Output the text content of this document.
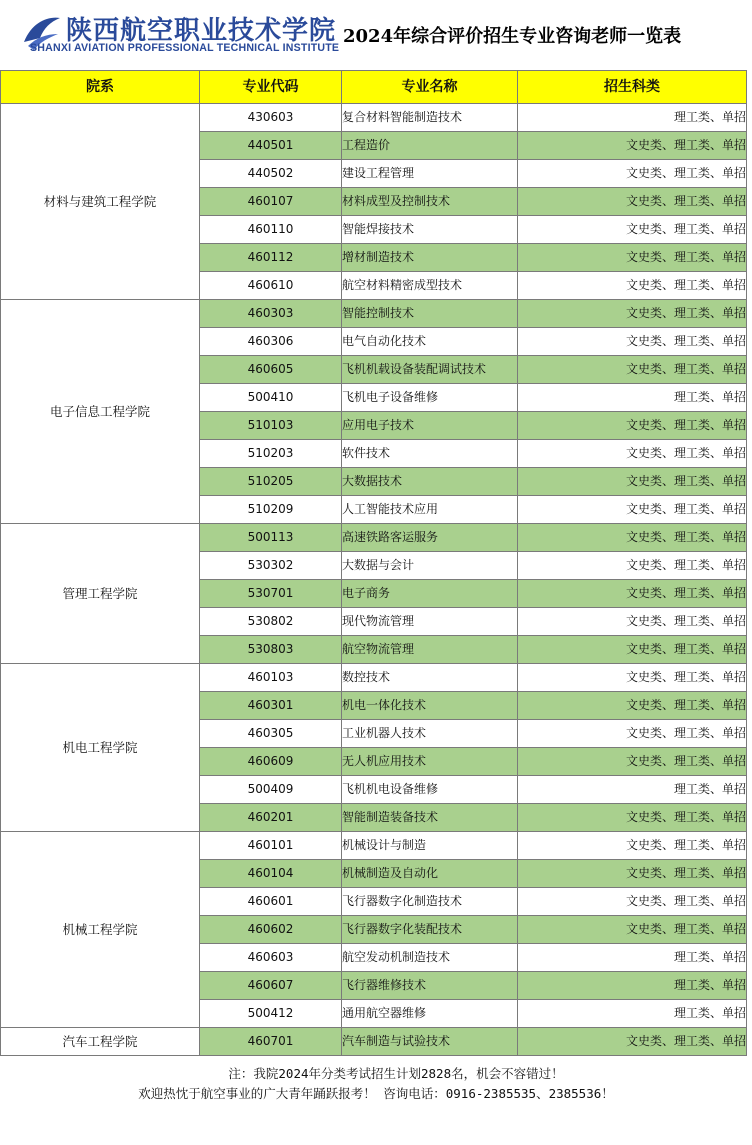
陕西航空职业技术学院
SHANXI AVIATION PROFESSIONAL TECHNICAL INSTITUTE
2024年综合评价招生专业咨询老师一览表
院系	专业代码	专业名称	招生科类
材料与建筑工程学院	430603	复合材料智能制造技术	理工类、单招
	440501	工程造价	文史类、理工类、单招
	440502	建设工程管理	文史类、理工类、单招
	460107	材料成型及控制技术	文史类、理工类、单招
	460110	智能焊接技术	文史类、理工类、单招
	460112	增材制造技术	文史类、理工类、单招
	460610	航空材料精密成型技术	文史类、理工类、单招
电子信息工程学院	460303	智能控制技术	文史类、理工类、单招
	460306	电气自动化技术	文史类、理工类、单招
	460605	飞机机载设备装配调试技术	文史类、理工类、单招
	500410	飞机电子设备维修	理工类、单招
	510103	应用电子技术	文史类、理工类、单招
	510203	软件技术	文史类、理工类、单招
	510205	大数据技术	文史类、理工类、单招
	510209	人工智能技术应用	文史类、理工类、单招
管理工程学院	500113	高速铁路客运服务	文史类、理工类、单招
	530302	大数据与会计	文史类、理工类、单招
	530701	电子商务	文史类、理工类、单招
	530802	现代物流管理	文史类、理工类、单招
	530803	航空物流管理	文史类、理工类、单招
机电工程学院	460103	数控技术	文史类、理工类、单招
	460301	机电一体化技术	文史类、理工类、单招
	460305	工业机器人技术	文史类、理工类、单招
	460609	无人机应用技术	文史类、理工类、单招
	500409	飞机机电设备维修	理工类、单招
	460201	智能制造装备技术	文史类、理工类、单招
机械工程学院	460101	机械设计与制造	文史类、理工类、单招
	460104	机械制造及自动化	文史类、理工类、单招
	460601	飞行器数字化制造技术	文史类、理工类、单招
	460602	飞行器数字化装配技术	文史类、理工类、单招
	460603	航空发动机制造技术	理工类、单招
	460607	飞行器维修技术	理工类、单招
	500412	通用航空器维修	理工类、单招
汽车工程学院	460701	汽车制造与试验技术	文史类、理工类、单招
注：我院2024年分类考试招生计划2828名，机会不容错过！
欢迎热忱于航空事业的广大青年踊跃报考！ 咨询电话：0916-2385535、2385536！
